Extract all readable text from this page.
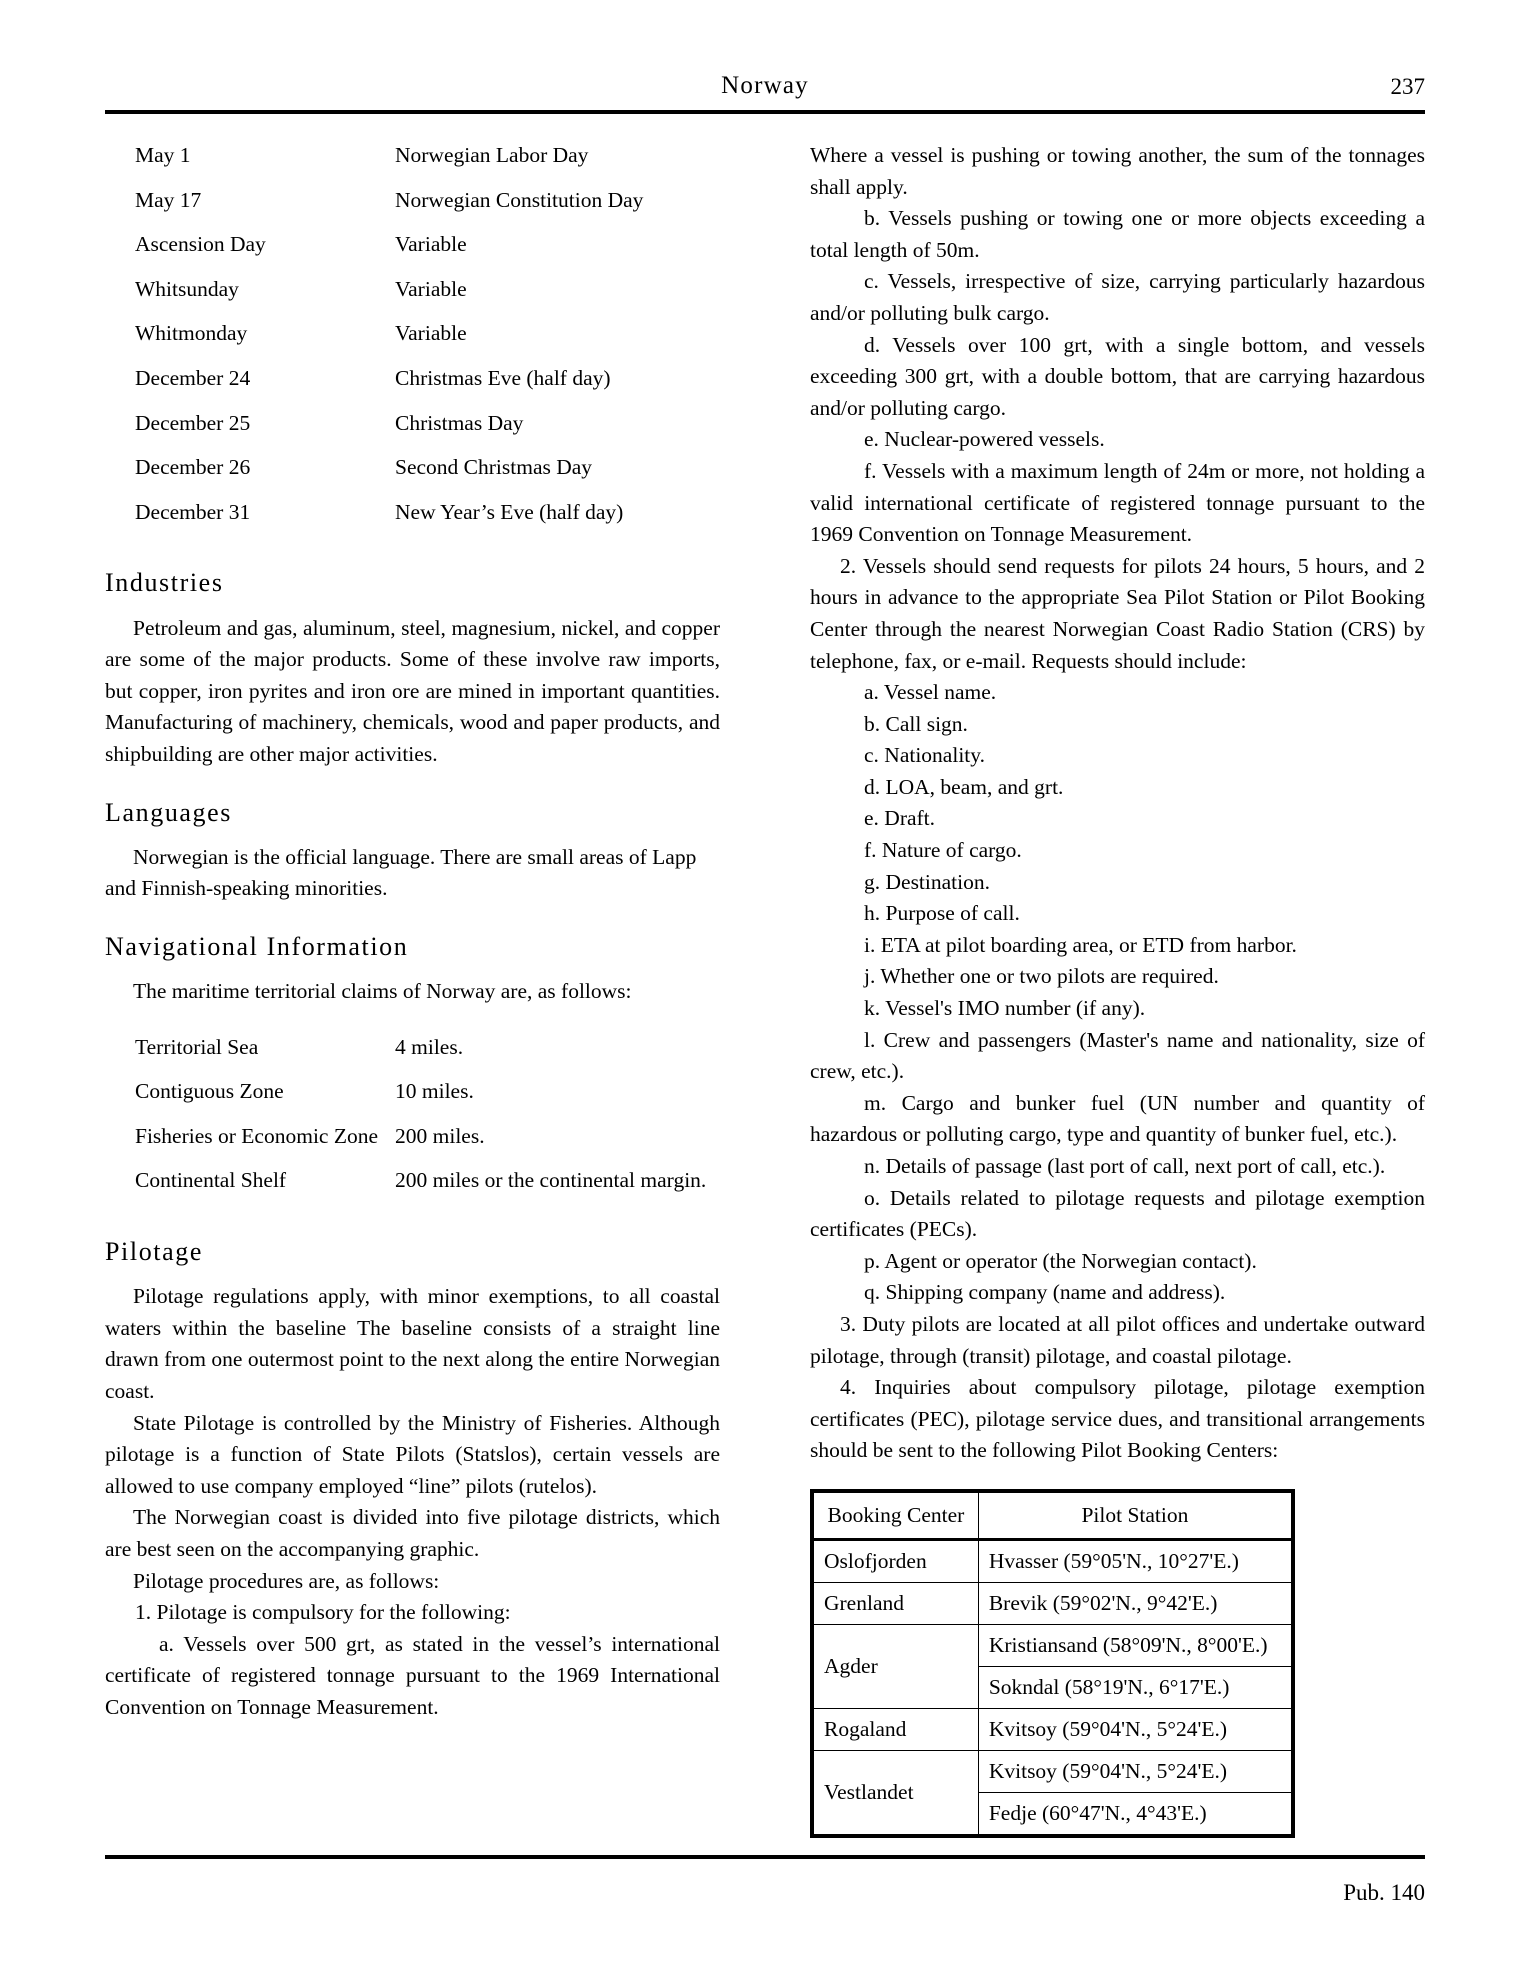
Norway	237
May 1	Norwegian Labor Day
May 17	Norwegian Constitution Day
Ascension Day	Variable
Whitsunday	Variable
Whitmonday	Variable
December 24	Christmas Eve (half day)
December 25	Christmas Day
December 26	Second Christmas Day
December 31	New Year’s Eve (half day)
Industries

Petroleum and gas, aluminum, steel, magnesium, nickel, and copper are some of the major products. Some of these involve raw imports, but copper, iron pyrites and iron ore are mined in important quantities. Manufacturing of machinery, chemicals, wood and paper products, and shipbuilding are other major activities.

Languages

Norwegian is the official language. There are small areas of Lapp and Finnish-speaking minorities.

Navigational Information

The maritime territorial claims of Norway are, as follows:

Territorial Sea	4 miles.
Contiguous Zone	10 miles.
Fisheries or Economic Zone	200 miles.
Continental Shelf	200 miles or the continental margin.
Pilotage

Pilotage regulations apply, with minor exemptions, to all coastal waters within the baseline The baseline consists of a straight line drawn from one outermost point to the next along the entire Norwegian coast.

State Pilotage is controlled by the Ministry of Fisheries. Although pilotage is a function of State Pilots (Statslos), certain vessels are allowed to use company employed “line” pilots (rutelos).

The Norwegian coast is divided into five pilotage districts, which are best seen on the accompanying graphic.

Pilotage procedures are, as follows:

1. Pilotage is compulsory for the following:

a. Vessels over 500 grt, as stated in the vessel’s international certificate of registered tonnage pursuant to the 1969 International Convention on Tonnage Measurement.

Where a vessel is pushing or towing another, the sum of the tonnages shall apply.

b. Vessels pushing or towing one or more objects exceeding a total length of 50m.

c. Vessels, irrespective of size, carrying particularly hazardous and/or polluting bulk cargo.

d. Vessels over 100 grt, with a single bottom, and vessels exceeding 300 grt, with a double bottom, that are carrying hazardous and/or polluting cargo.

e. Nuclear-powered vessels.

f. Vessels with a maximum length of 24m or more, not holding a valid international certificate of registered tonnage pursuant to the 1969 Convention on Tonnage Measurement.

2. Vessels should send requests for pilots 24 hours, 5 hours, and 2 hours in advance to the appropriate Sea Pilot Station or Pilot Booking Center through the nearest Norwegian Coast Radio Station (CRS) by telephone, fax, or e-mail. Requests should include:

a. Vessel name.

b. Call sign.

c. Nationality.

d. LOA, beam, and grt.

e. Draft.

f. Nature of cargo.

g. Destination.

h. Purpose of call.

i. ETA at pilot boarding area, or ETD from harbor.

j. Whether one or two pilots are required.

k. Vessel's IMO number (if any).

l. Crew and passengers (Master's name and nationality, size of crew, etc.).

m. Cargo and bunker fuel (UN number and quantity of hazardous or polluting cargo, type and quantity of bunker fuel, etc.).

n. Details of passage (last port of call, next port of call, etc.).

o. Details related to pilotage requests and pilotage exemption certificates (PECs).

p. Agent or operator (the Norwegian contact).

q. Shipping company (name and address).

3. Duty pilots are located at all pilot offices and undertake outward pilotage, through (transit) pilotage, and coastal pilotage.

4. Inquiries about compulsory pilotage, pilotage exemption certificates (PEC), pilotage service dues, and transitional arrangements should be sent to the following Pilot Booking Centers:

Booking Center	Pilot Station
Oslofjorden	Hvasser (59°05'N., 10°27'E.)
Grenland	Brevik (59°02'N., 9°42'E.)
Agder	Kristiansand (58°09'N., 8°00'E.)
	Sokndal (58°19'N., 6°17'E.)
Rogaland	Kvitsoy (59°04'N., 5°24'E.)
Vestlandet	Kvitsoy (59°04'N., 5°24'E.)
	Fedje (60°47'N., 4°43'E.)
Pub. 140
